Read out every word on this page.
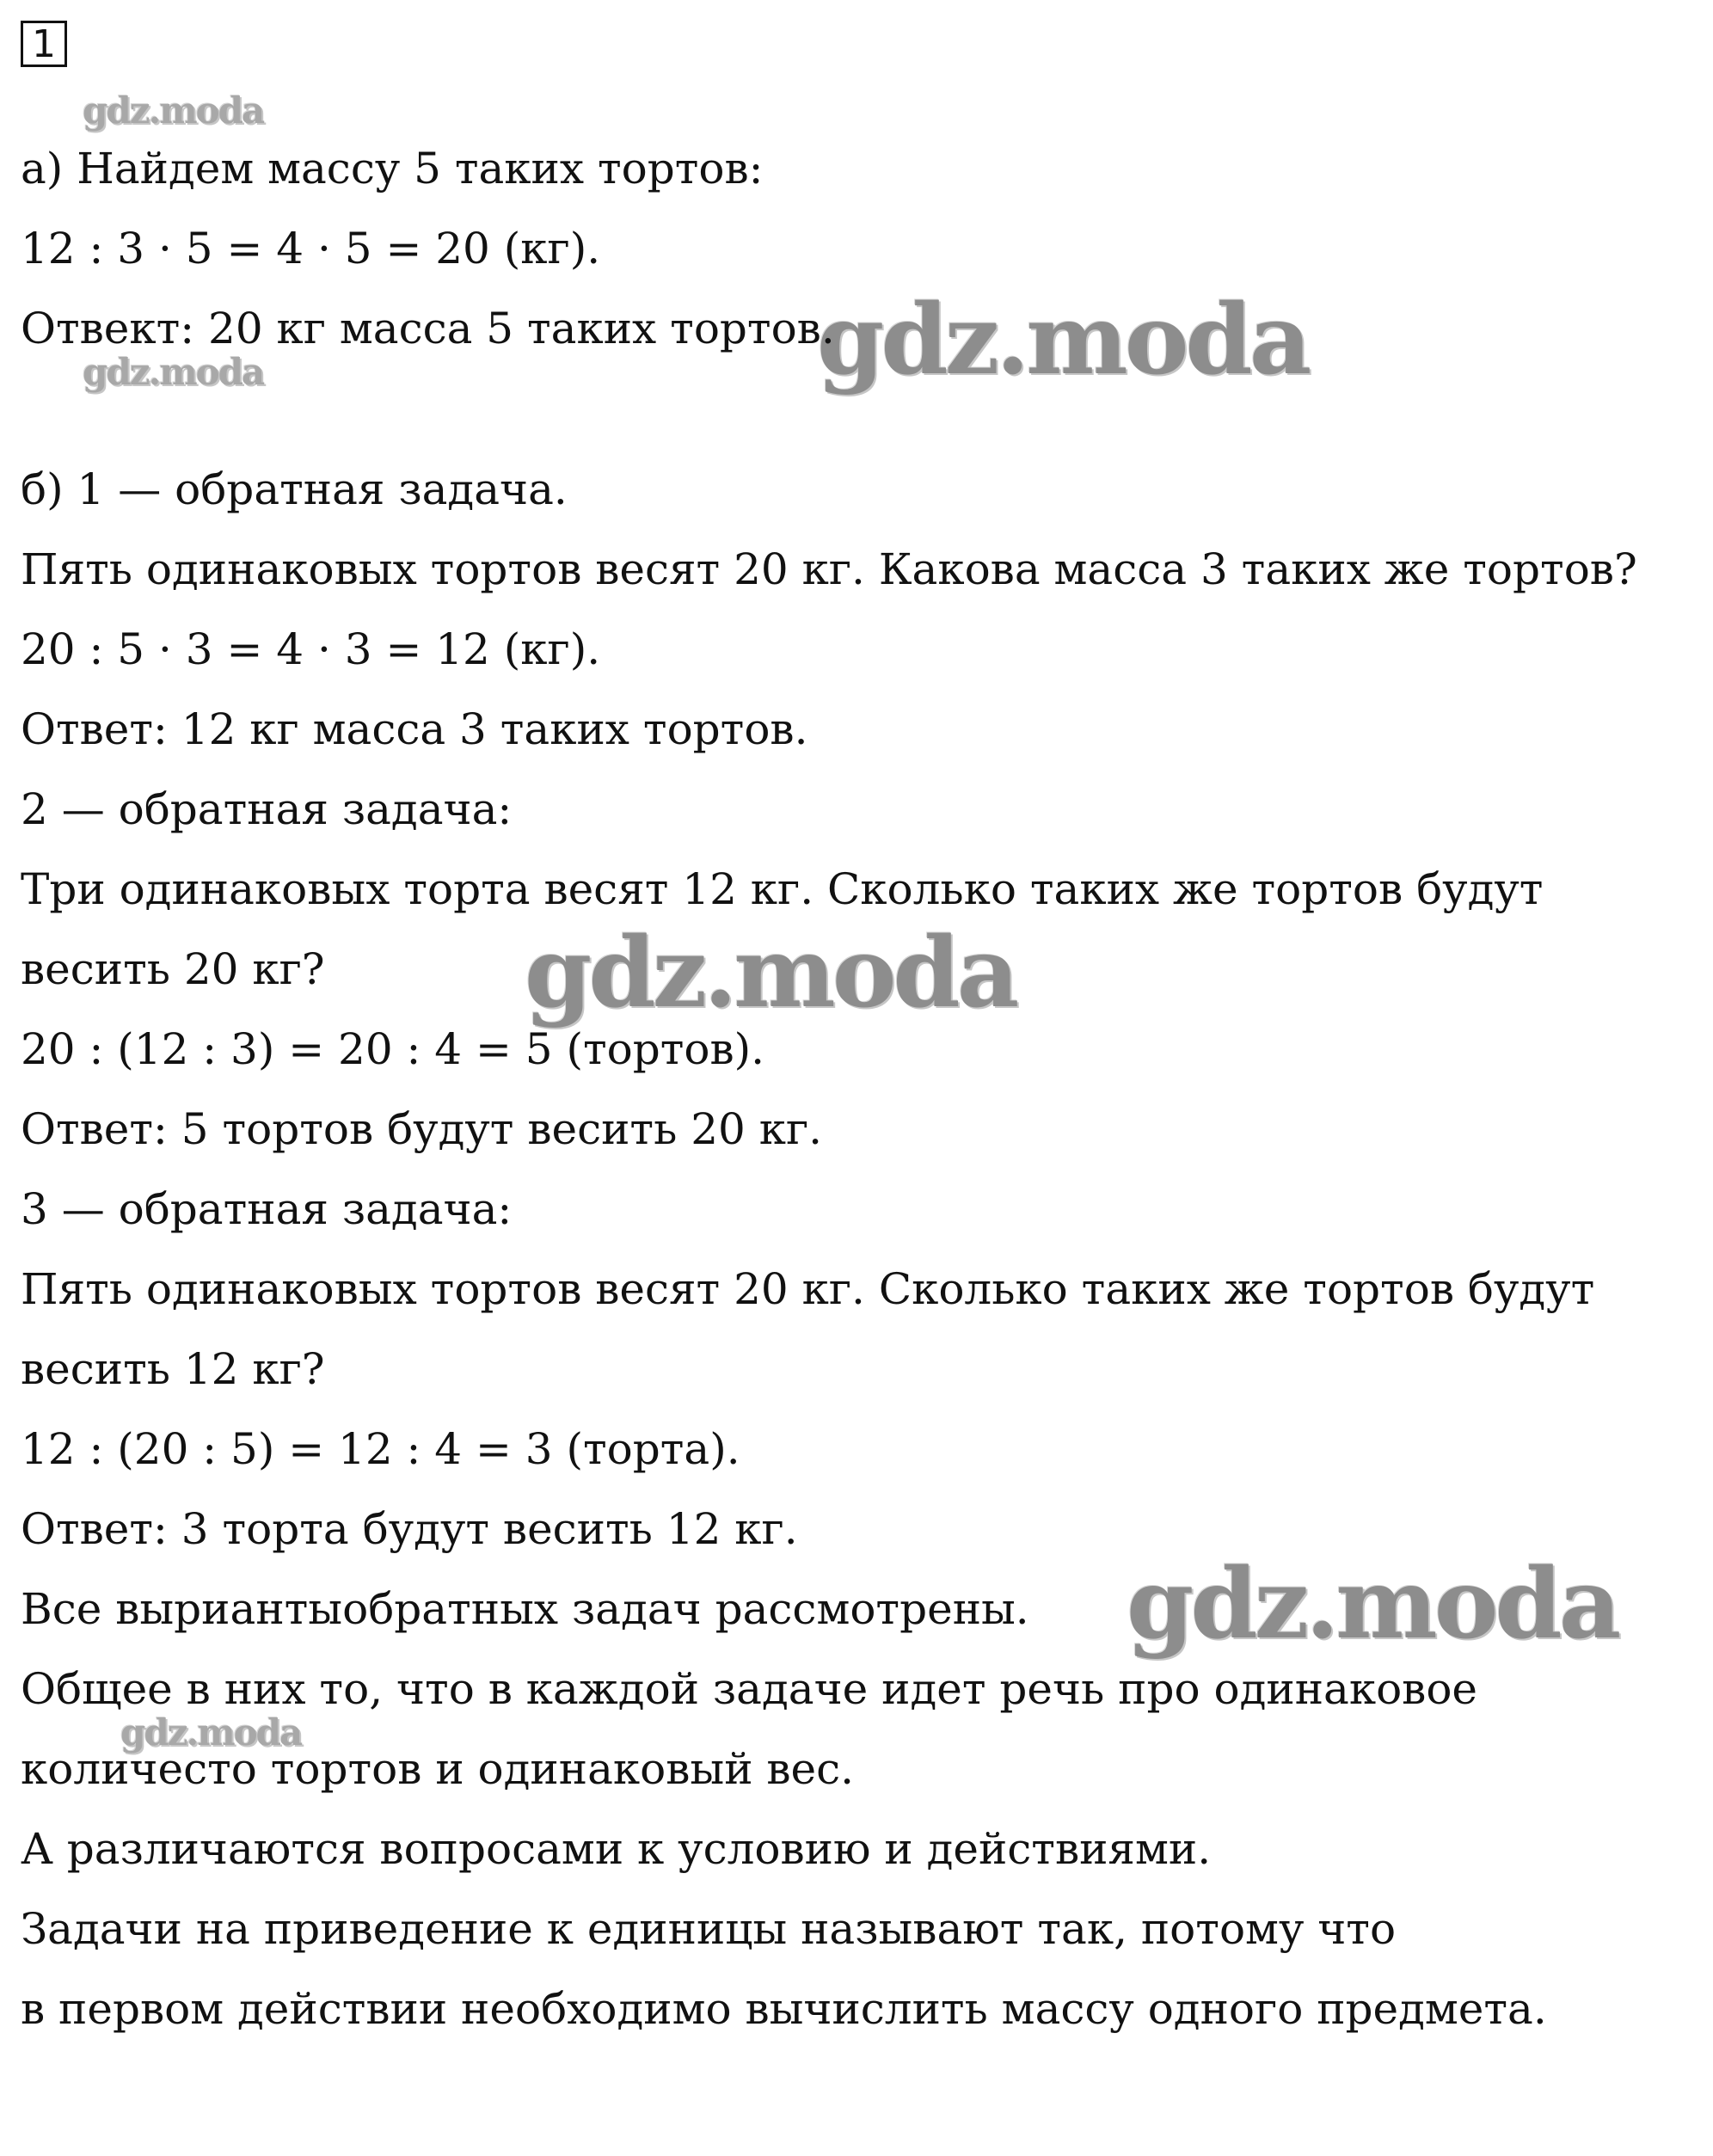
1
gdz.moda
gdz.moda	gdz.moda
gdz.moda
gdz.moda
gdz.moda
а) Найдем массу 5 таких тортов:
12 : 3 · 5 = 4 · 5 = 20 (кг).
Отвект: 20 кг масса 5 таких тортов.
б) 1 — обратная задача.
Пять одинаковых тортов весят 20 кг. Какова масса 3 таких же тортов?
20 : 5 · 3 = 4 · 3 = 12 (кг).
Ответ: 12 кг масса 3 таких тортов.
2 — обратная задача:
Три одинаковых торта весят 12 кг. Сколько таких же тортов будут
весить 20 кг?
20 : (12 : 3) = 20 : 4 = 5 (тортов).
Ответ: 5 тортов будут весить 20 кг.
3 — обратная задача:
Пять одинаковых тортов весят 20 кг. Сколько таких же тортов будут
весить 12 кг?
12 : (20 : 5) = 12 : 4 = 3 (торта).
Ответ: 3 торта будут весить 12 кг.
Все выриантыобратных задач рассмотрены.
Общее в них то, что в каждой задаче идет речь про одинаковое
количесто тортов и одинаковый вес.
А различаются вопросами к условию и действиями.
Задачи на приведение к единицы называют так, потому что
в первом действии необходимо вычислить массу одного предмета.
